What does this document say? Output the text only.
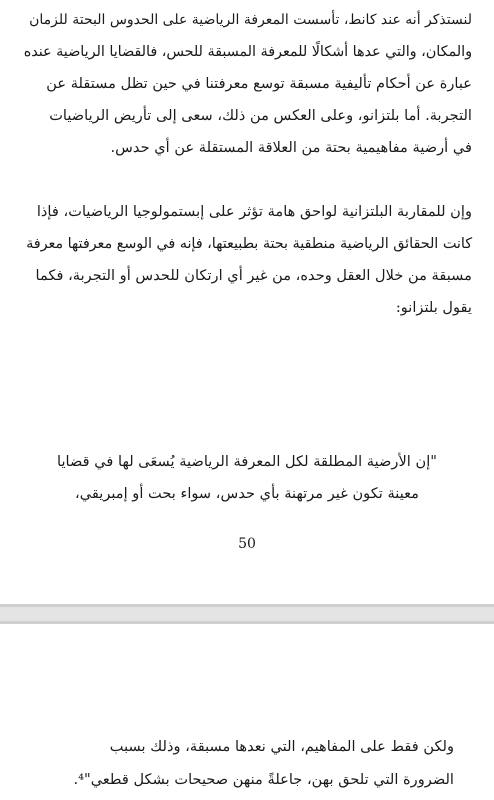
لنستذكر أنه عند كانط، تأسست المعرفة الرياضية على الحدوس البحتة للزمان
والمكان، والتي عدها أشكالًا للمعرفة المسبقة للحس، فالقضايا الرياضية عنده
عبارة عن أحكام تأليفية مسبقة توسع معرفتنا في حين تظل مستقلة عن
التجربة. أما بلتزانو، وعلى العكس من ذلك، سعى إلى تأريض الرياضيات
في أرضية مفاهيمية بحتة من العلاقة المستقلة عن أي حدس.
وإن للمقاربة البلتزانية لواحق هامة تؤثر على إبستمولوجيا الرياضيات، فإذا
كانت الحقائق الرياضية منطقية بحتة بطبيعتها، فإنه في الوسع معرفتها معرفة
مسبقة من خلال العقل وحده، من غير أي ارتكان للحدس أو التجربة، فكما
يقول بلتزانو:
"إن الأرضية المطلقة لكل المعرفة الرياضية يُسعَى لها في قضايا
معينة تكون غير مرتهنة بأي حدس، سواء بحت أو إمبريقي،
50
ولكن فقط على المفاهيم، التي نعدها مسبقة، وذلك بسبب
الضرورة التي تلحق بهن، جاعلةً منهن صحيحات بشكل قطعي"⁴.
